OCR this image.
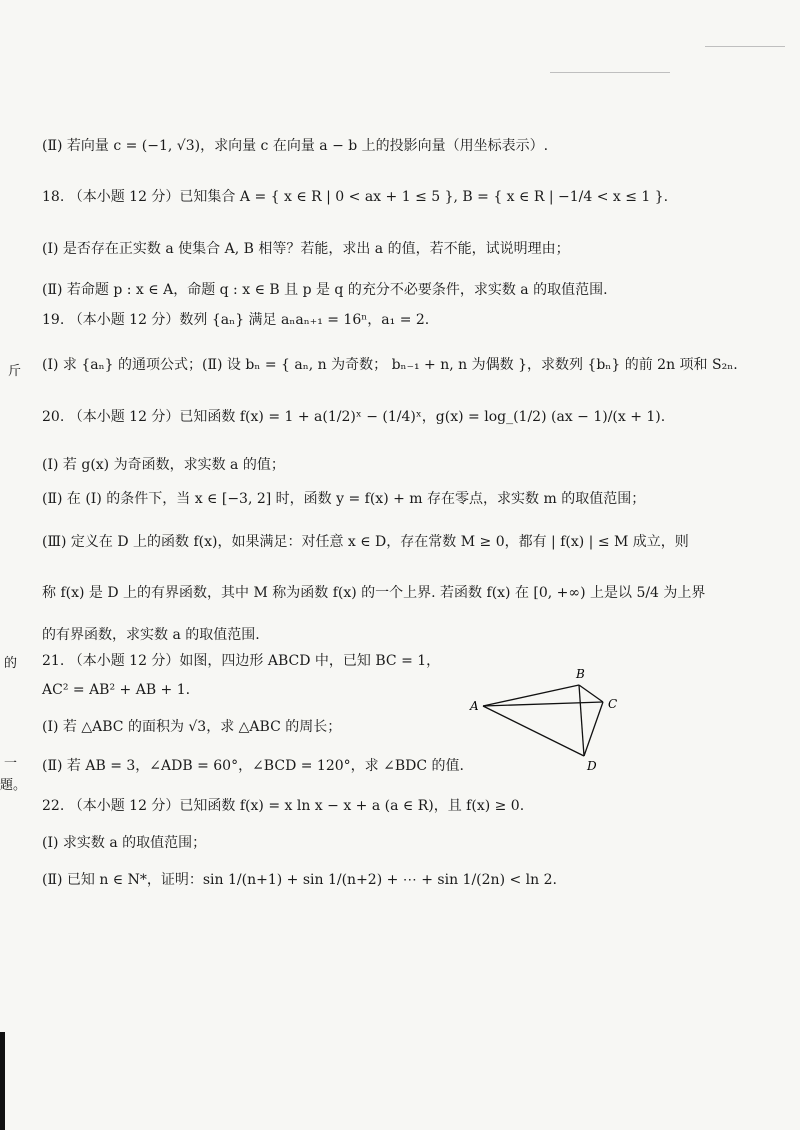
斤
的
一
題。
(Ⅱ) 若向量 c = (−1, √3)，求向量 c 在向量 a − b 上的投影向量（用坐标表示）.
18. （本小题 12 分）已知集合 A = { x ∈ R | 0 < ax + 1 ≤ 5 }, B = { x ∈ R | −1/4 < x ≤ 1 }.
(Ⅰ) 是否存在正实数 a 使集合 A, B 相等？若能，求出 a 的值，若不能，试说明理由；
(Ⅱ) 若命题 p : x ∈ A，命题 q : x ∈ B 且 p 是 q 的充分不必要条件，求实数 a 的取值范围.
19. （本小题 12 分）数列 {aₙ} 满足 aₙaₙ₊₁ = 16ⁿ，a₁ = 2.
(Ⅰ) 求 {aₙ} 的通项公式；(Ⅱ) 设 bₙ = { aₙ, n 为奇数； bₙ₋₁ + n, n 为偶数 }，求数列 {bₙ} 的前 2n 项和 S₂ₙ.
20. （本小题 12 分）已知函数 f(x) = 1 + a(1/2)ˣ − (1/4)ˣ，g(x) = log_(1/2) (ax − 1)/(x + 1).
(Ⅰ) 若 g(x) 为奇函数，求实数 a 的值；
(Ⅱ) 在 (Ⅰ) 的条件下，当 x ∈ [−3, 2] 时，函数 y = f(x) + m 存在零点，求实数 m 的取值范围；
(Ⅲ) 定义在 D 上的函数 f(x)，如果满足：对任意 x ∈ D，存在常数 M ≥ 0，都有 | f(x) | ≤ M 成立，则
称 f(x) 是 D 上的有界函数，其中 M 称为函数 f(x) 的一个上界. 若函数 f(x) 在 [0, +∞) 上是以 5/4 为上界
的有界函数，求实数 a 的取值范围.
21. （本小题 12 分）如图，四边形 ABCD 中，已知 BC = 1，
AC² = AB² + AB + 1.
(Ⅰ) 若 △ABC 的面积为 √3，求 △ABC 的周长；
(Ⅱ) 若 AB = 3，∠ADB = 60°，∠BCD = 120°，求 ∠BDC 的值.
22. （本小题 12 分）已知函数 f(x) = x ln x − x + a (a ∈ R)，且 f(x) ≥ 0.
(Ⅰ) 求实数 a 的取值范围；
(Ⅱ) 已知 n ∈ N*，证明：sin 1/(n+1) + sin 1/(n+2) + ⋯ + sin 1/(2n) < ln 2.
A
B
C
D
